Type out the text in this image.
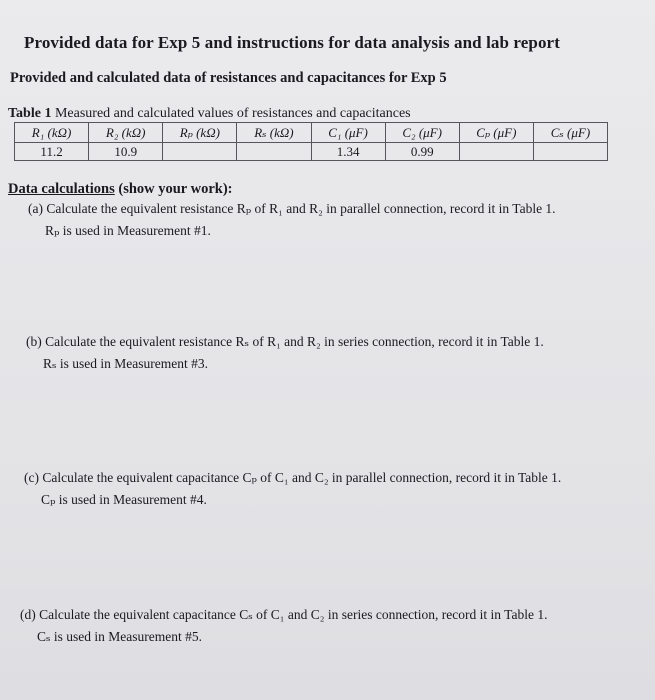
Provided data for Exp 5 and instructions for data analysis and lab report
Provided and calculated data of resistances and capacitances for Exp 5
Table 1 Measured and calculated values of resistances and capacitances
R₁ (kΩ)	R₂ (kΩ)	Rₚ (kΩ)	Rₛ (kΩ)	C₁ (μF)	C₂ (μF)	Cₚ (μF)	Cₛ (μF)
11.2	10.9			1.34	0.99		
Data calculations (show your work):
(a) Calculate the equivalent resistance Rₚ of R₁ and R₂ in parallel connection, record it in Table 1.
Rₚ is used in Measurement #1.
(b) Calculate the equivalent resistance Rₛ of R₁ and R₂ in series connection, record it in Table 1.
Rₛ is used in Measurement #3.
(c) Calculate the equivalent capacitance Cₚ of C₁ and C₂ in parallel connection, record it in Table 1.
Cₚ is used in Measurement #4.
(d) Calculate the equivalent capacitance Cₛ of C₁ and C₂ in series connection, record it in Table 1.
Cₛ is used in Measurement #5.
